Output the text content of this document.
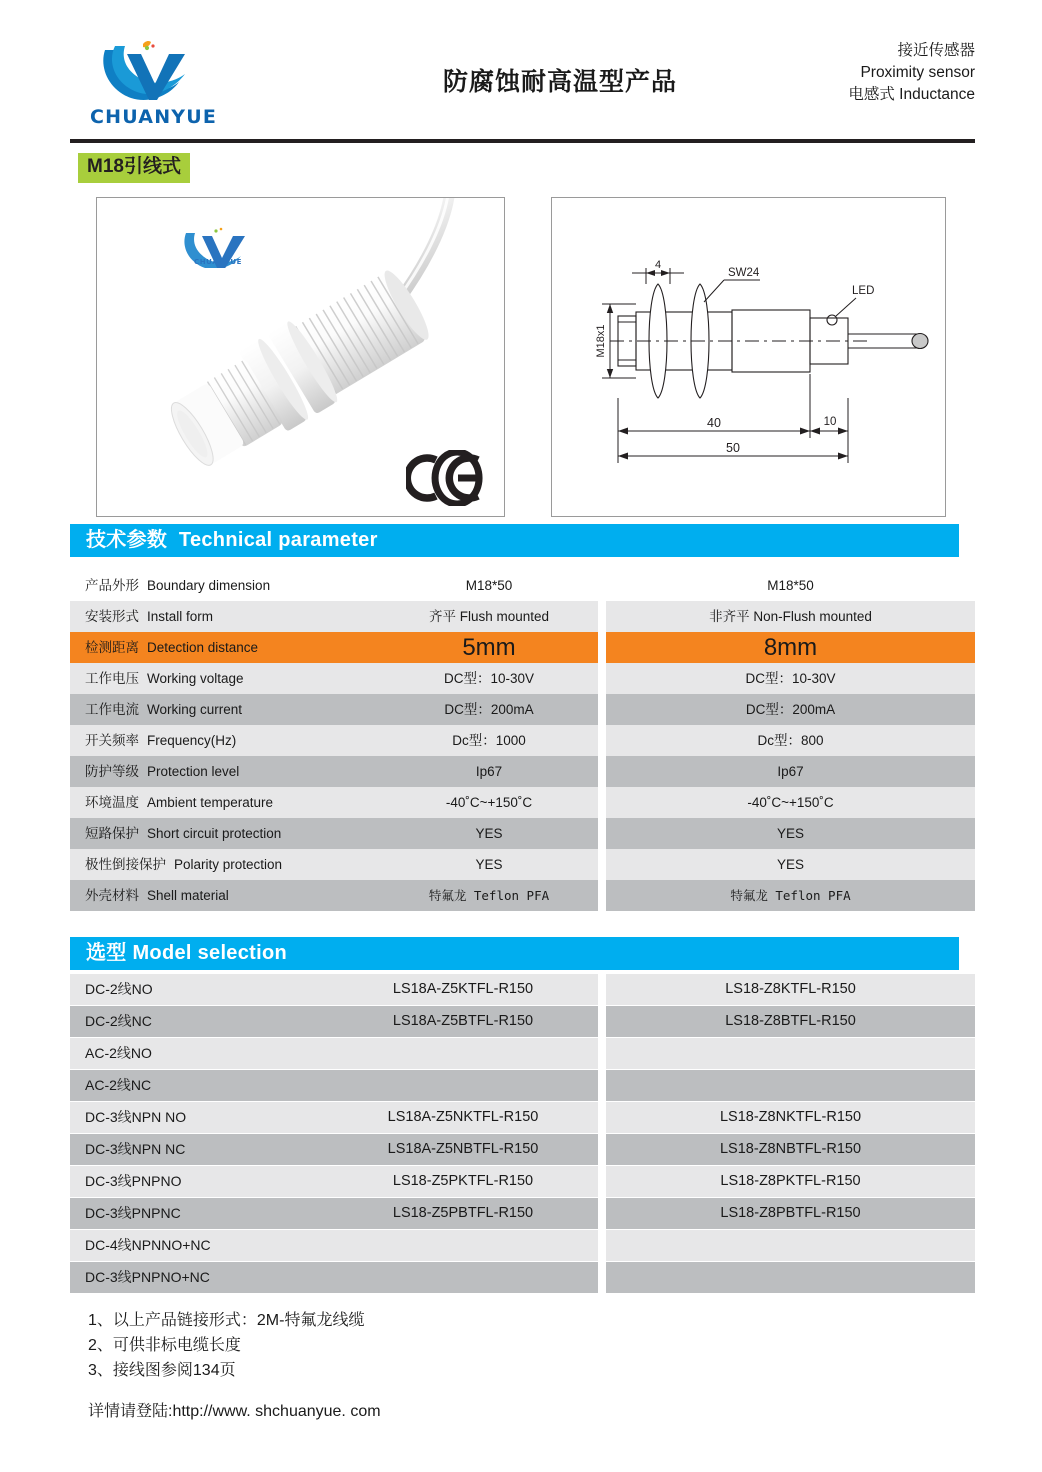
CHUANYUE
防腐蚀耐高温型产品
接近传感器
Proximity sensor
电感式 Inductance
M18引线式
CHUANYUE
M18x1
4
SW24
LED
40	10
50
技术参数 Technical parameter
产品外形 Boundary dimension	M18*50	M18*50
安装形式 Install form	齐平 Flush mounted	非齐平 Non-Flush mounted
检测距离 Detection distance	5mm	8mm
工作电压 Working voltage	DC型：10-30V	DC型：10-30V
工作电流 Working current	DC型：200mA	DC型：200mA
开关频率 Frequency(Hz)	Dc型：1000	Dc型：800
防护等级 Protection level	Ip67	Ip67
环境温度 Ambient temperature	-40˚C~+150˚C	-40˚C~+150˚C
短路保护 Short circuit protection	YES	YES
极性倒接保护 Polarity protection	YES	YES
外壳材料 Shell material	特氟龙 Teflon PFA	特氟龙 Teflon PFA
选型 Model selection
DC-2线NO	LS18A-Z5KTFL-R150	LS18-Z8KTFL-R150
DC-2线NC	LS18A-Z5BTFL-R150	LS18-Z8BTFL-R150
AC-2线NO
AC-2线NC
DC-3线NPN NO	LS18A-Z5NKTFL-R150	LS18-Z8NKTFL-R150
DC-3线NPN NC	LS18A-Z5NBTFL-R150	LS18-Z8NBTFL-R150
DC-3线PNPNO	LS18-Z5PKTFL-R150	LS18-Z8PKTFL-R150
DC-3线PNPNC	LS18-Z5PBTFL-R150	LS18-Z8PBTFL-R150
DC-4线NPNNO+NC
DC-3线PNPNO+NC
1、以上产品链接形式：2M-特氟龙线缆
2、可供非标电缆长度
3、接线图参阅134页
详情请登陆:http://www. shchuanyue. com
